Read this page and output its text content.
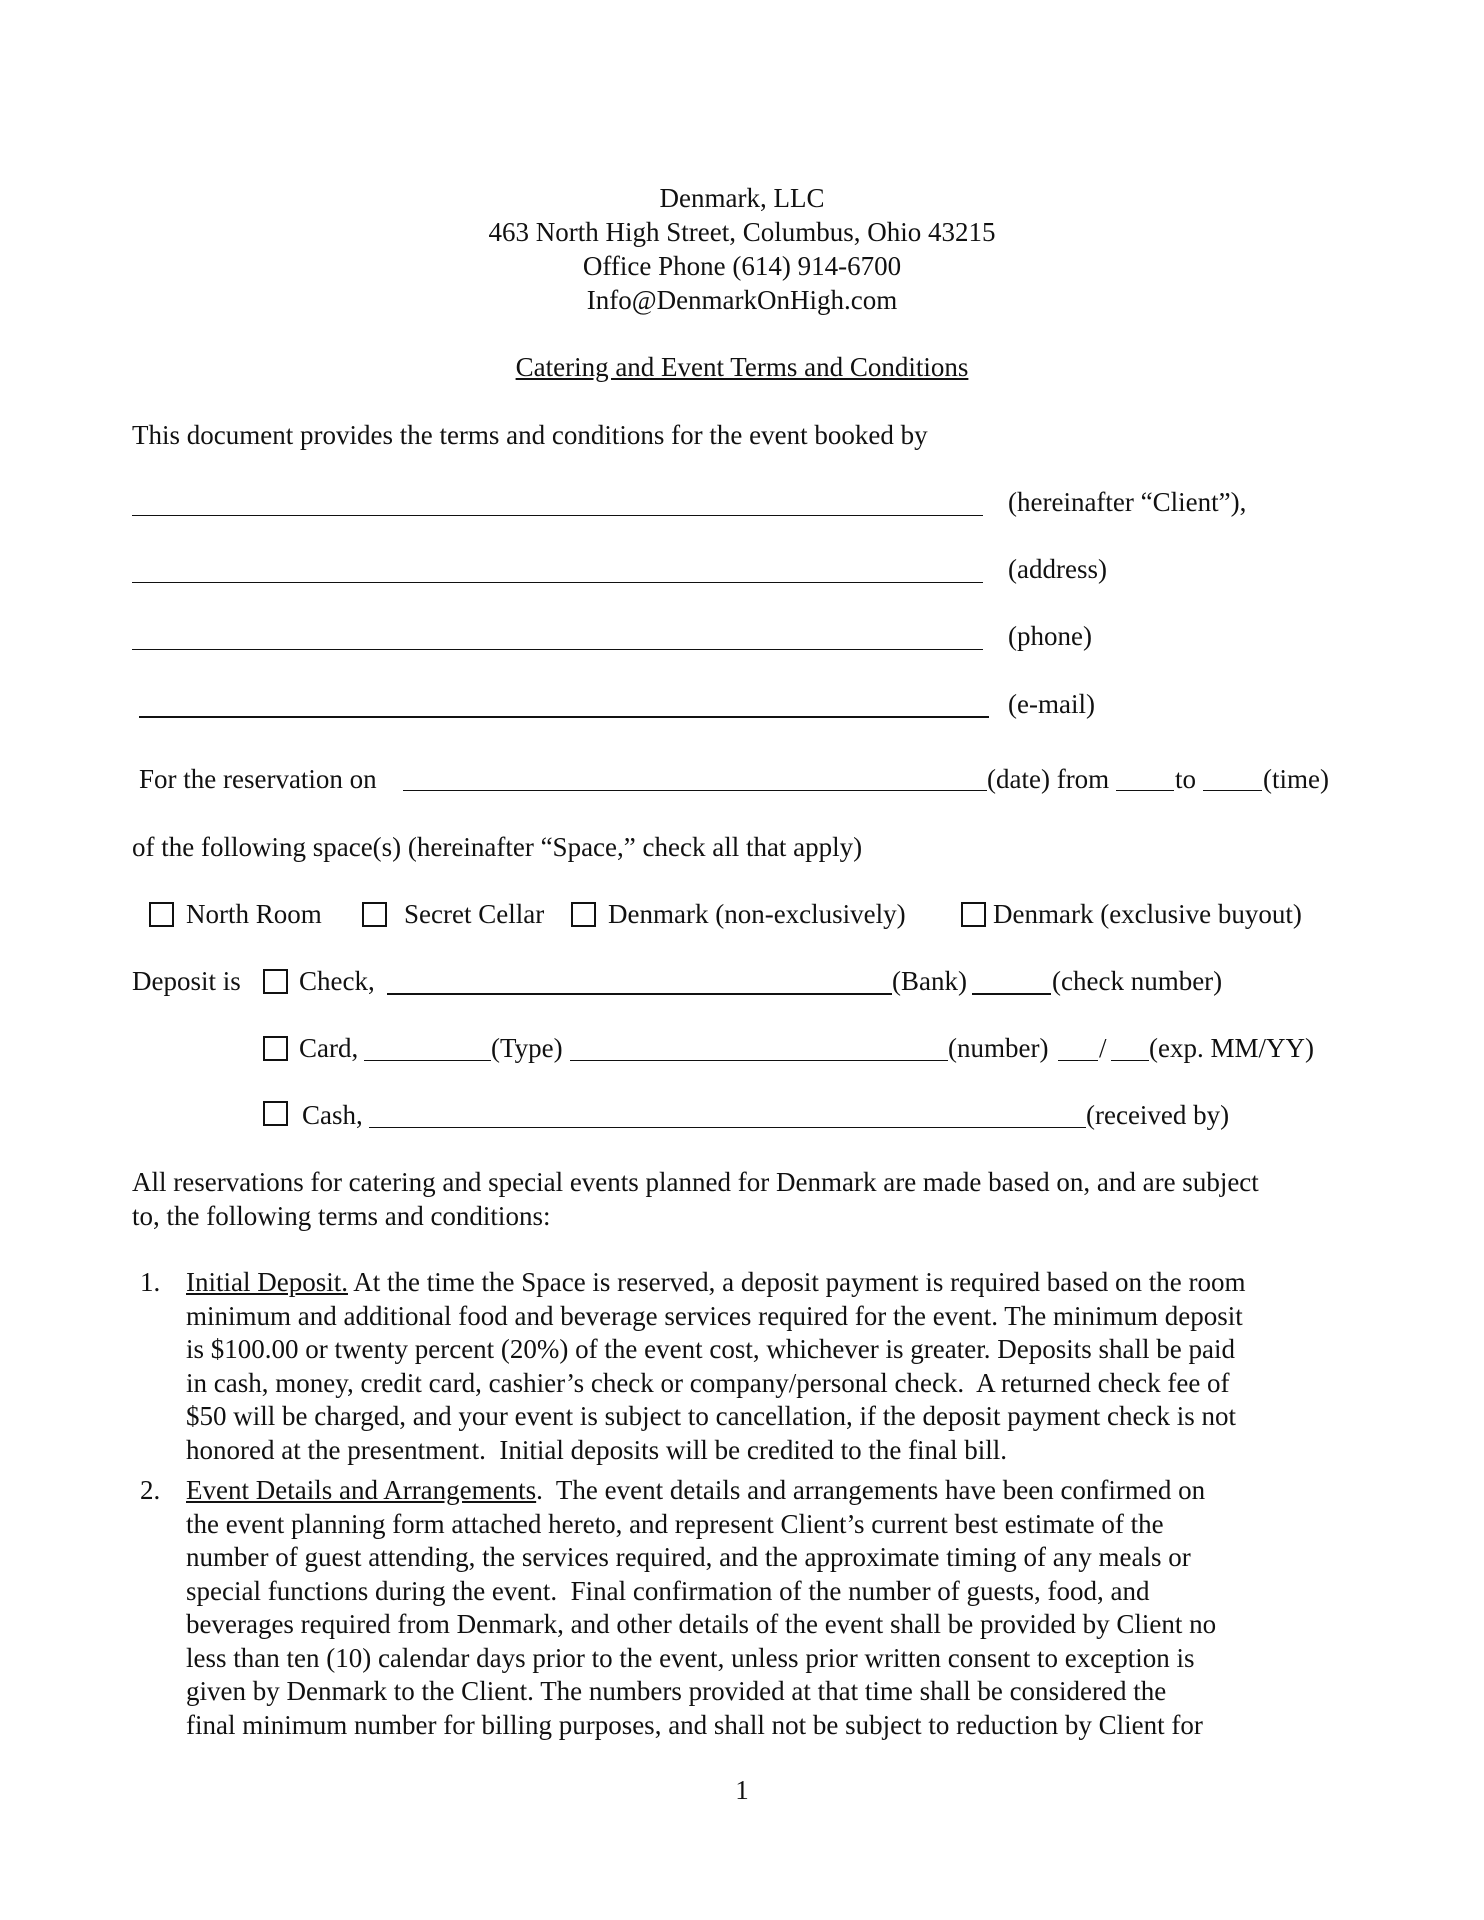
Denmark, LLC
463 North High Street, Columbus, Ohio 43215
Office Phone (614) 914-6700
Info@DenmarkOnHigh.com
Catering and Event Terms and Conditions
This document provides the terms and conditions for the event booked by
(hereinafter “Client”),
(address)
(phone)
(e-mail)
For the reservation on	(date) from to (time)
of the following space(s) (hereinafter “Space,” check all that apply)
North Room	Secret Cellar Denmark (non-exclusively)	Denmark (exclusive buyout)
Deposit is Check,	(Bank)	(check number)
Card,	(Type)	(number) / (exp. MM/YY)
Cash,	(received by)
All reservations for catering and special events planned for Denmark are made based on, and are subject
to, the following terms and conditions:
1. Initial Deposit. At the time the Space is reserved, a deposit payment is required based on the room
minimum and additional food and beverage services required for the event. The minimum deposit
is $100.00 or twenty percent (20%) of the event cost, whichever is greater. Deposits shall be paid
in cash, money, credit card, cashier’s check or company/personal check.  A returned check fee of
$50 will be charged, and your event is subject to cancellation, if the deposit payment check is not
honored at the presentment.  Initial deposits will be credited to the final bill.
2. Event Details and Arrangements.  The event details and arrangements have been confirmed on
the event planning form attached hereto, and represent Client’s current best estimate of the
number of guest attending, the services required, and the approximate timing of any meals or
special functions during the event.  Final confirmation of the number of guests, food, and
beverages required from Denmark, and other details of the event shall be provided by Client no
less than ten (10) calendar days prior to the event, unless prior written consent to exception is
given by Denmark to the Client. The numbers provided at that time shall be considered the
final minimum number for billing purposes, and shall not be subject to reduction by Client for
1
